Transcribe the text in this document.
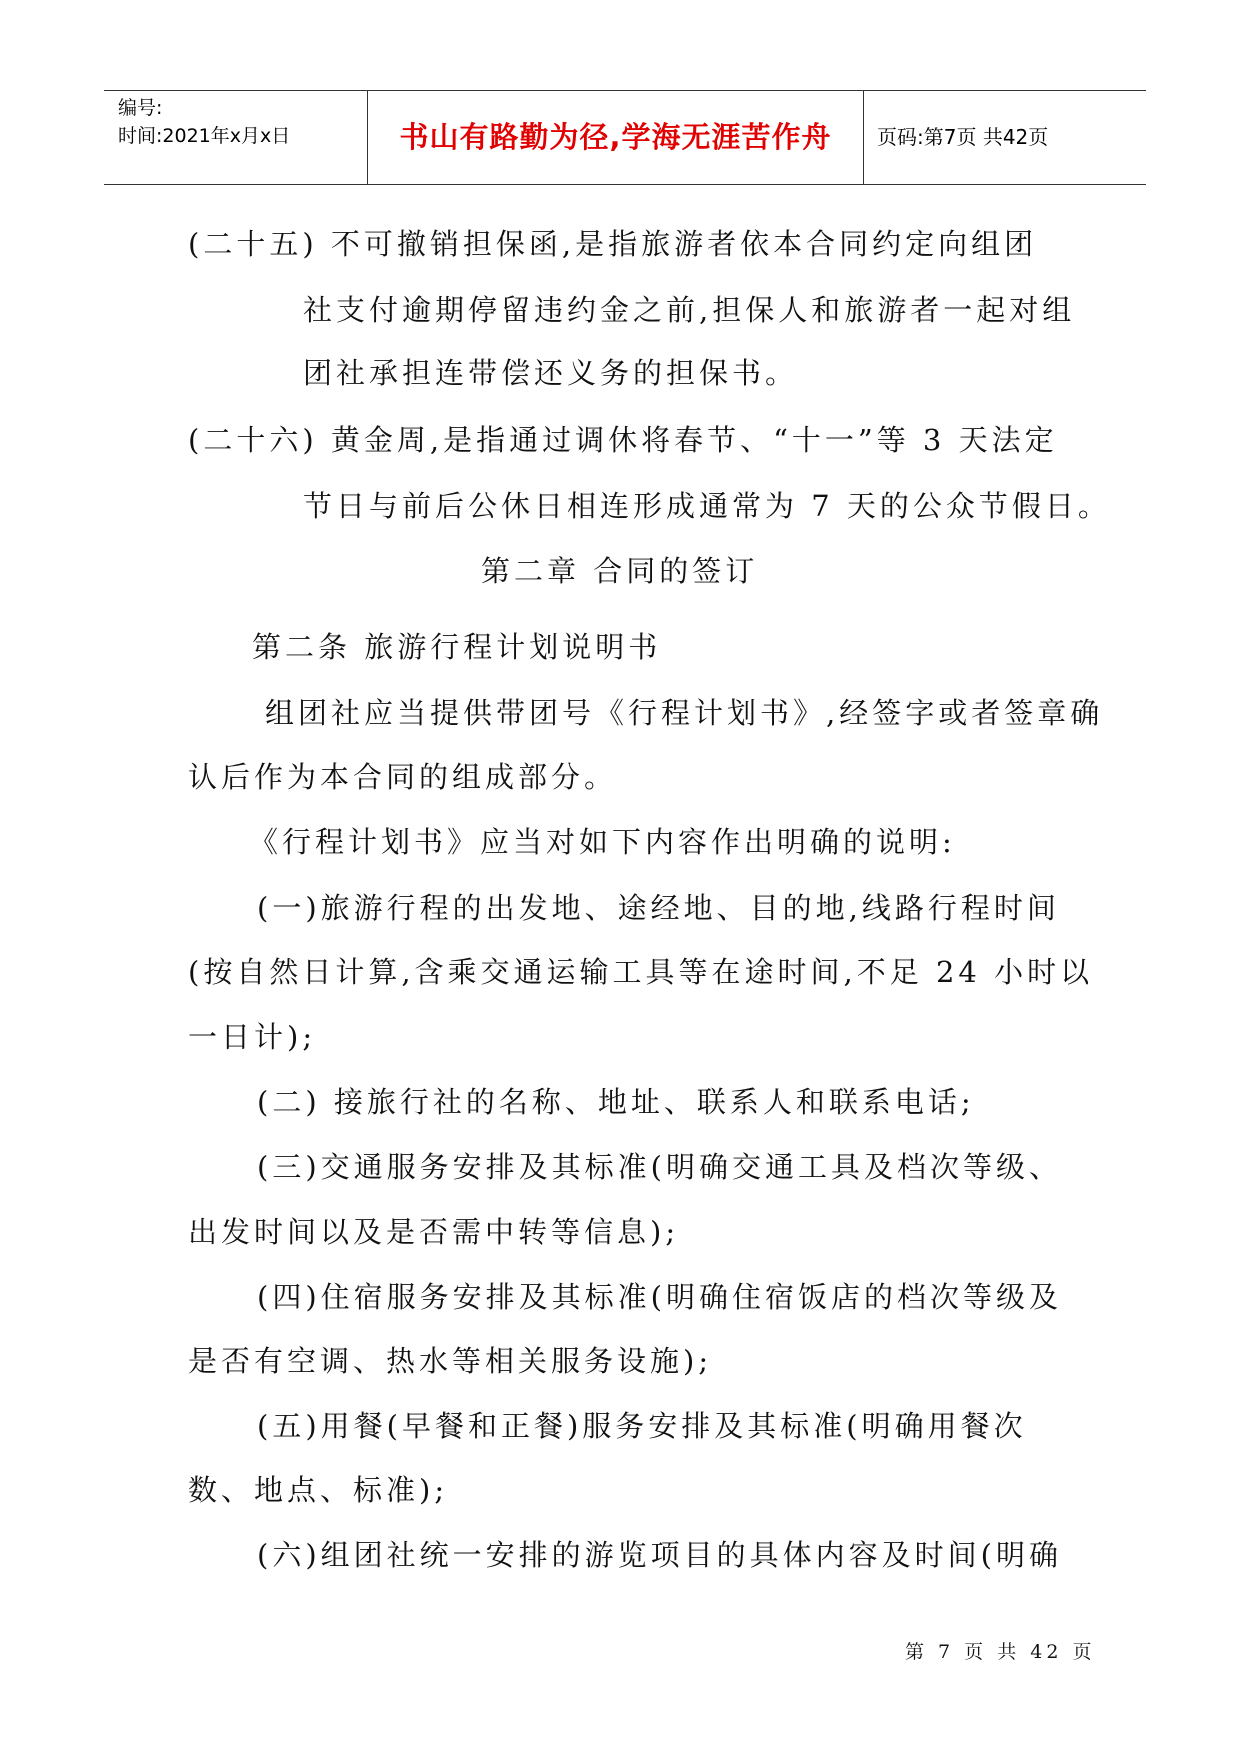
编号:
时间:2021年x月x日	书山有路勤为径,学海无涯苦作舟	页码:第7页 共42页
(二十五) 不可撤销担保函,是指旅游者依本合同约定向组团
社支付逾期停留违约金之前,担保人和旅游者一起对组
团社承担连带偿还义务的担保书。
(二十六) 黄金周,是指通过调休将春节、“十一”等 3 天法定
节日与前后公休日相连形成通常为 7 天的公众节假日。
第二章 合同的签订
第二条 旅游行程计划说明书
组团社应当提供带团号《行程计划书》,经签字或者签章确
认后作为本合同的组成部分。
《行程计划书》应当对如下内容作出明确的说明:
(一)旅游行程的出发地、途经地、目的地,线路行程时间
(按自然日计算,含乘交通运输工具等在途时间,不足 24 小时以
一日计);
(二) 接旅行社的名称、地址、联系人和联系电话;
(三)交通服务安排及其标准(明确交通工具及档次等级、
出发时间以及是否需中转等信息);
(四)住宿服务安排及其标准(明确住宿饭店的档次等级及
是否有空调、热水等相关服务设施);
(五)用餐(早餐和正餐)服务安排及其标准(明确用餐次
数、地点、标准);
(六)组团社统一安排的游览项目的具体内容及时间(明确
第 7 页 共 42 页
